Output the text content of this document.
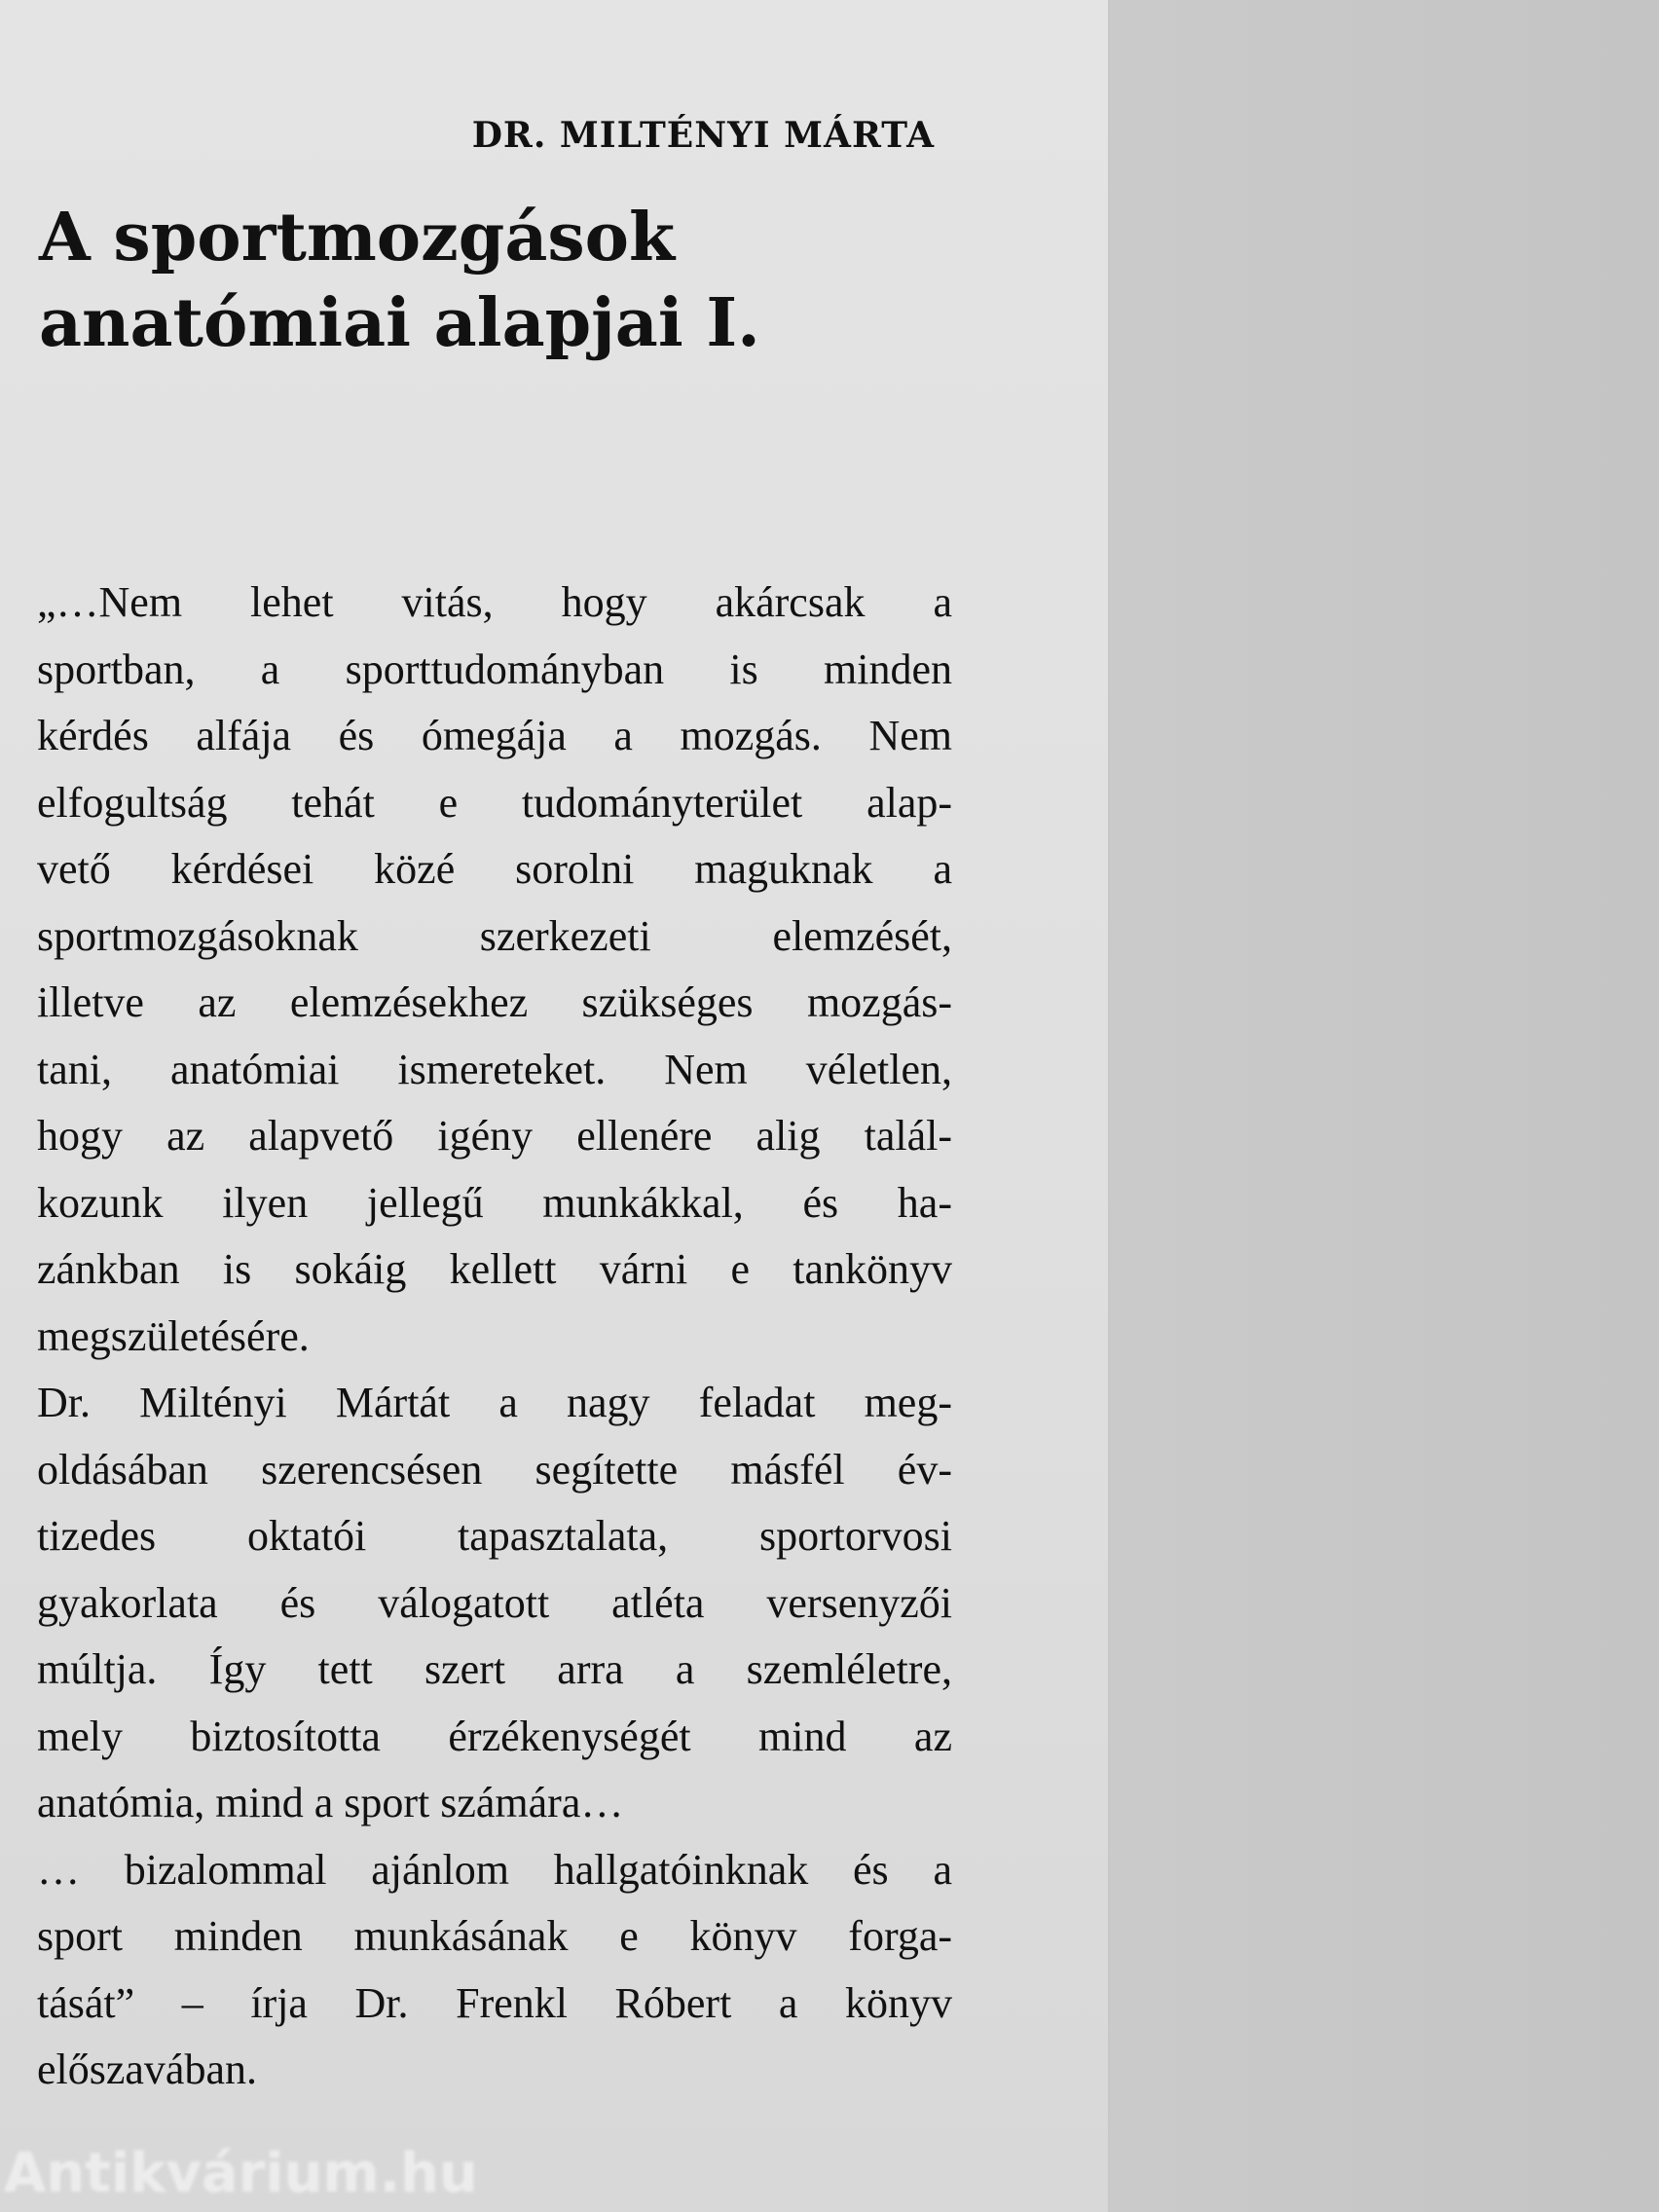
DR. MILTÉNYI MÁRTA
A sportmozgások
anatómiai alapjai I.
„…Nem lehet vitás, hogy akárcsak a
sportban, a sporttudományban is minden
kérdés alfája és ómegája a mozgás. Nem
elfogultság tehát e tudományterület alap-
vető kérdései közé sorolni maguknak a
sportmozgásoknak szerkezeti elemzését,
illetve az elemzésekhez szükséges mozgás-
tani, anatómiai ismereteket. Nem véletlen,
hogy az alapvető igény ellenére alig talál-
kozunk ilyen jellegű munkákkal, és ha-
zánkban is sokáig kellett várni e tankönyv
megszületésére.
Dr. Miltényi Mártát a nagy feladat meg-
oldásában szerencsésen segítette másfél év-
tizedes oktatói tapasztalata, sportorvosi
gyakorlata és válogatott atléta versenyzői
múltja. Így tett szert arra a szemléletre,
mely biztosította érzékenységét mind az
anatómia, mind a sport számára…
… bizalommal ajánlom hallgatóinknak és a
sport minden munkásának e könyv forga-
tását” – írja Dr. Frenkl Róbert a könyv
előszavában.
Antikvárium.hu
